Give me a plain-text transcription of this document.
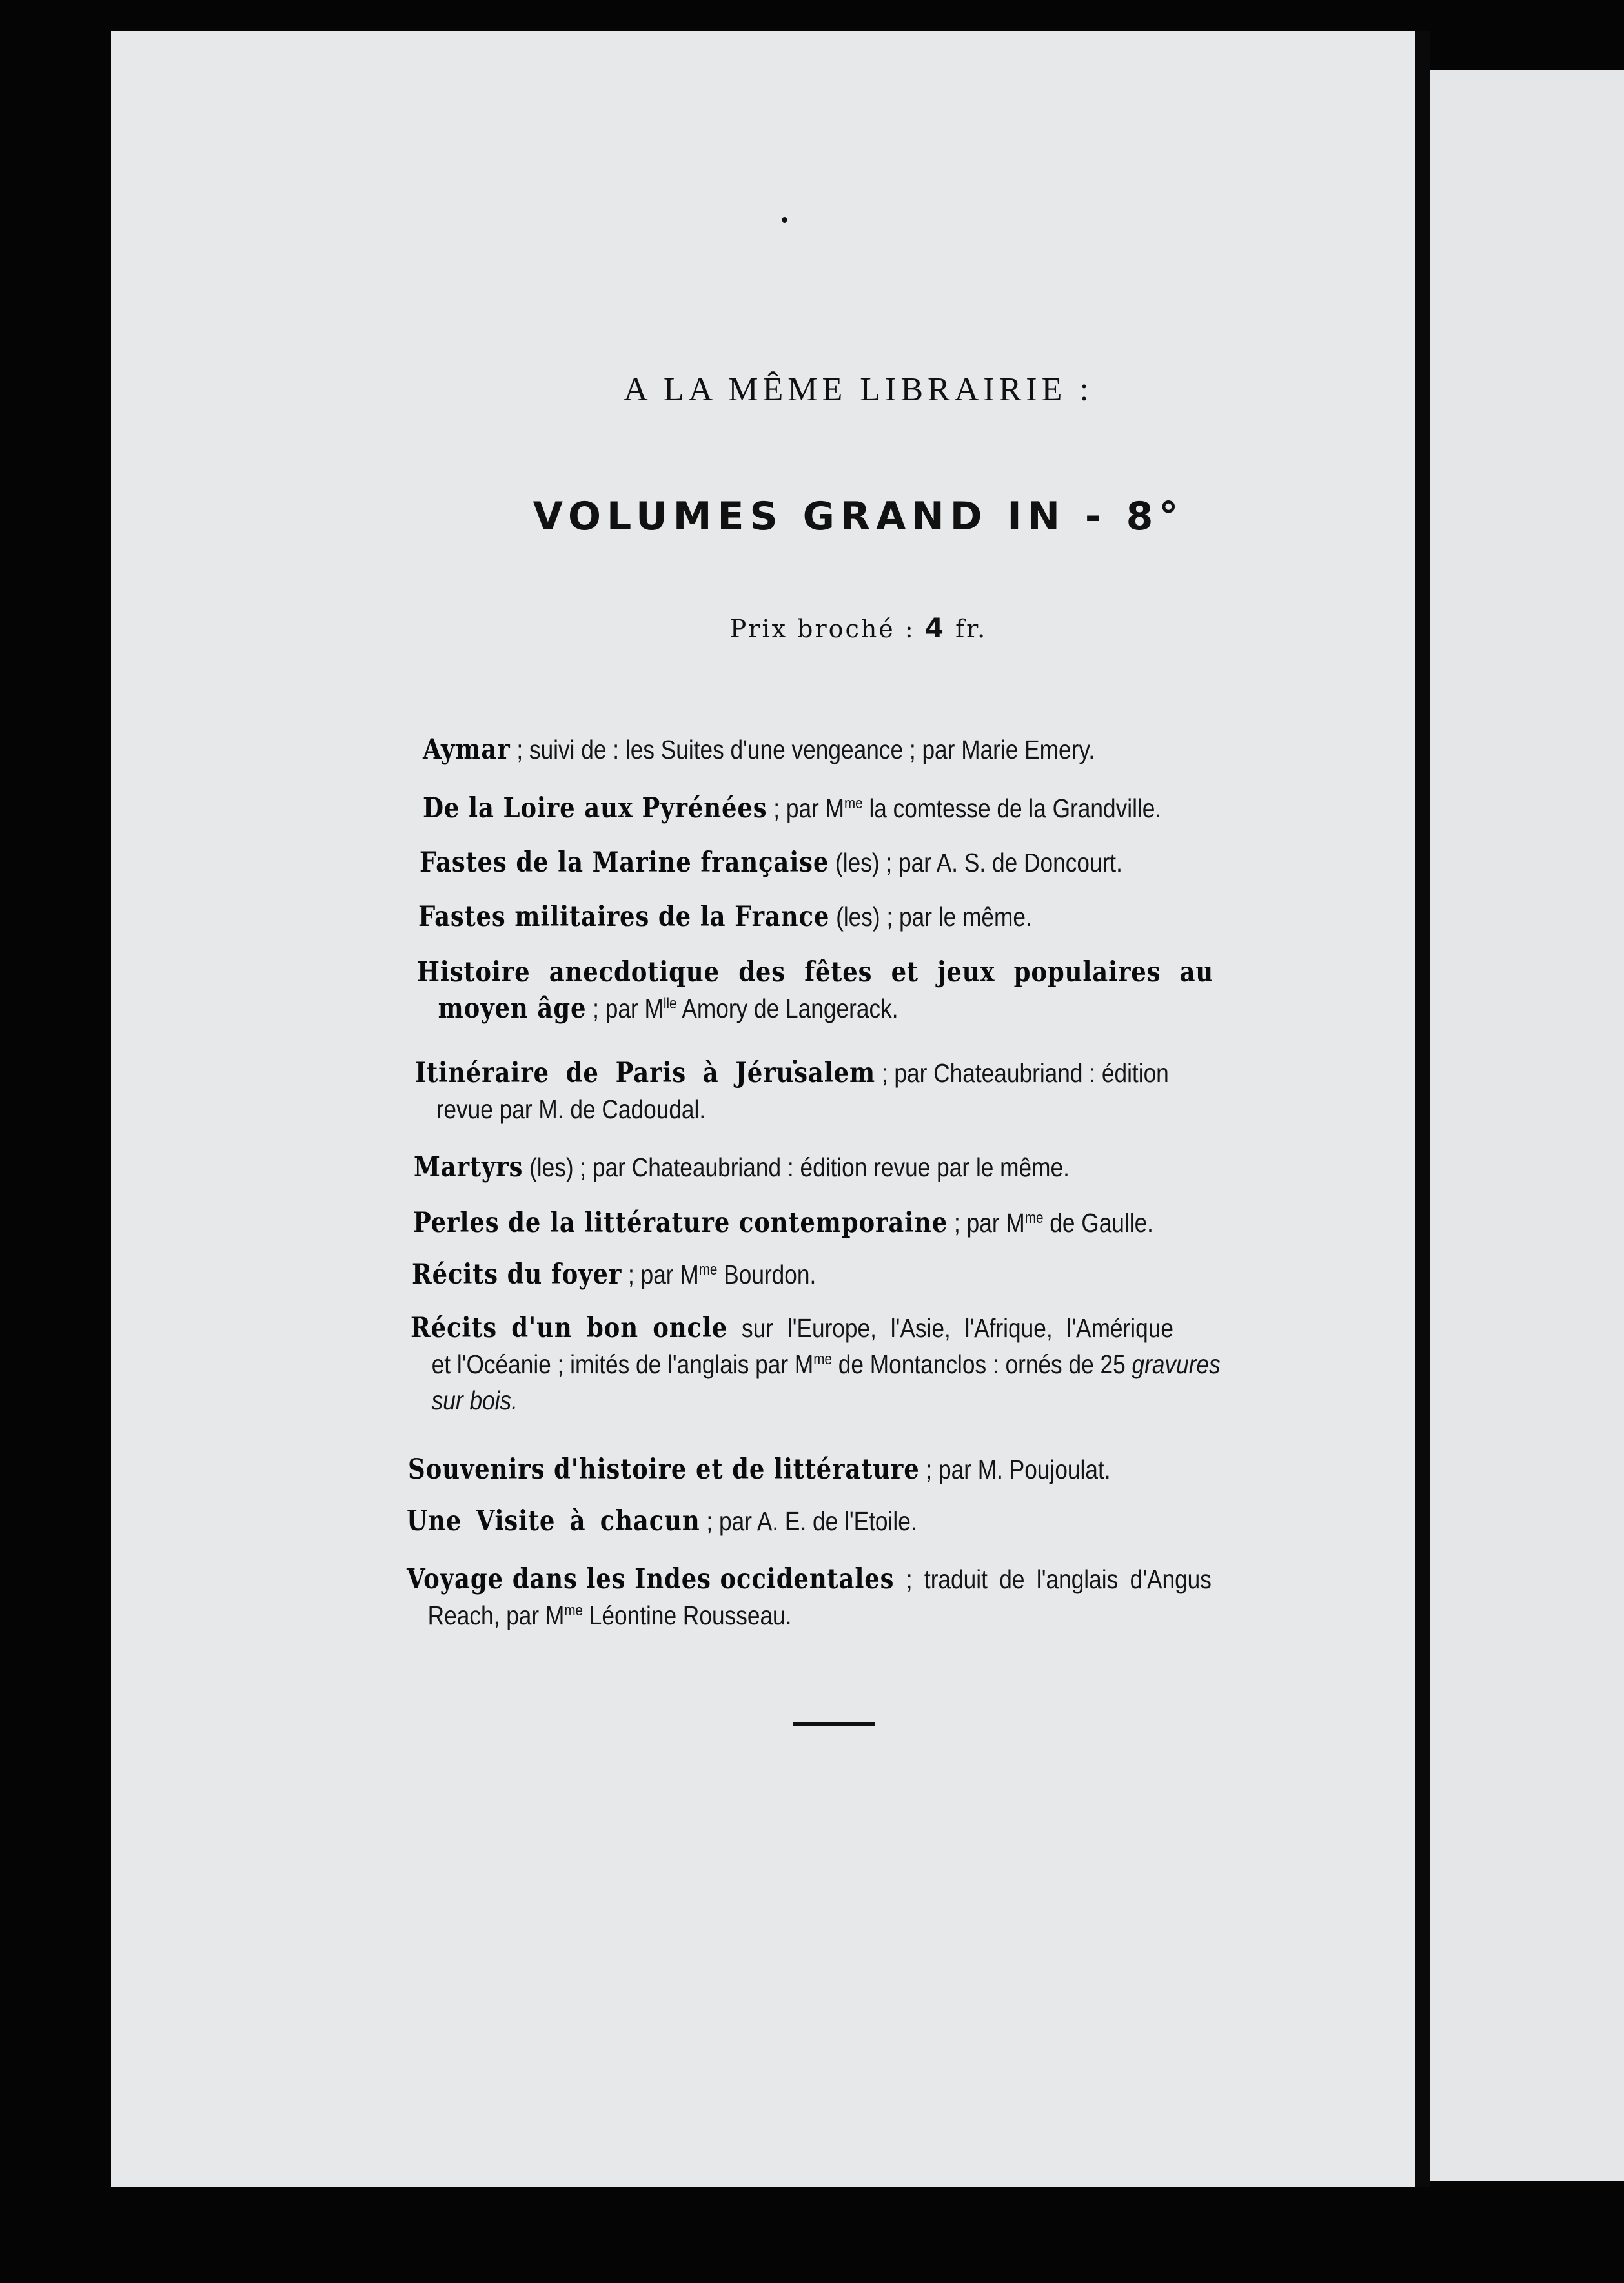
A LA MÊME LIBRAIRIE :
VOLUMES GRAND IN - 8°
Prix broché : 4 fr.
Aymar ; suivi de : les Suites d'une vengeance ; par Marie Emery.
De la Loire aux Pyrénées ; par $M^{me}$ la comtesse de la Grandville.
Fastes de la Marine française (les) ; par A. S. de Doncourt.
Fastes militaires de la France (les) ; par le même.
Histoire anecdotique des fêtes et jeux populaires au
moyen âge ; par $M^{lle}$ Amory de Langerack.
Itinéraire de Paris à Jérusalem ; par Chateaubriand : édition
revue par M. de Cadoudal.
Martyrs (les) ; par Chateaubriand : édition revue par le même.
Perles de la littérature contemporaine ; par $M^{me}$ de Gaulle.
Récits du foyer ; par $M^{me}$ Bourdon.
Récits d'un bon oncle sur l'Europe, l'Asie, l'Afrique, l'Amérique
et l'Océanie ; imités de l'anglais par $M^{me}$ de Montanclos : ornés de 25 gravures
sur bois.
Souvenirs d'histoire et de littérature ; par M. Poujoulat.
Une Visite à chacun ; par A. E. de l'Etoile.
Voyage dans les Indes occidentales ; traduit de l'anglais d'Angus
Reach, par $M^{me}$ Léontine Rousseau.
